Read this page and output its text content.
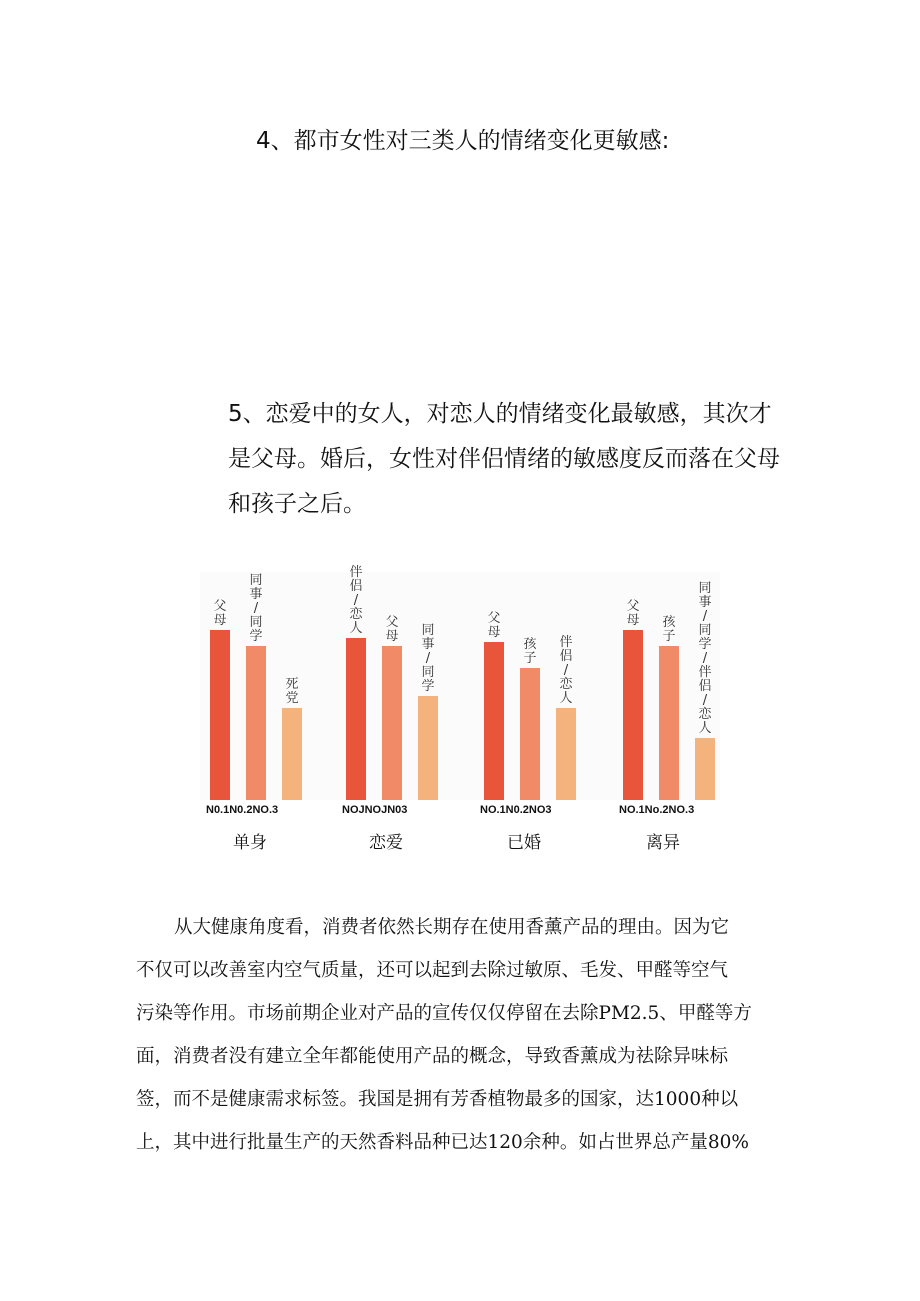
4、都市女性对三类人的情绪变化更敏感:
5、恋爱中的女人，对恋人的情绪变化最敏感，其次才
是父母。婚后，女性对伴侣情绪的敏感度反而落在父母
和孩子之后。
父母
同事/同学
死党
N0.1N0.2NO.3
单身
伴侣/恋人 父母 同事/同学
NOJNOJN03
恋爱
父母
孩子
伴侣/恋人
NO.1N0.2NO3
已婚
父母 孩子
同事/同学/伴侣/恋人
NO.1No.2NO.3
离异
从大健康角度看，消费者依然长期存在使用香薰产品的理由。因为它
不仅可以改善室内空气质量，还可以起到去除过敏原、毛发、甲醛等空气
污染等作用。市场前期企业对产品的宣传仅仅停留在去除PM2.5、甲醛等方
面，消费者没有建立全年都能使用产品的概念，导致香薰成为祛除异味标
签，而不是健康需求标签。我国是拥有芳香植物最多的国家，达1000种以
上，其中进行批量生产的天然香料品种已达120余种。如占世界总产量80%
